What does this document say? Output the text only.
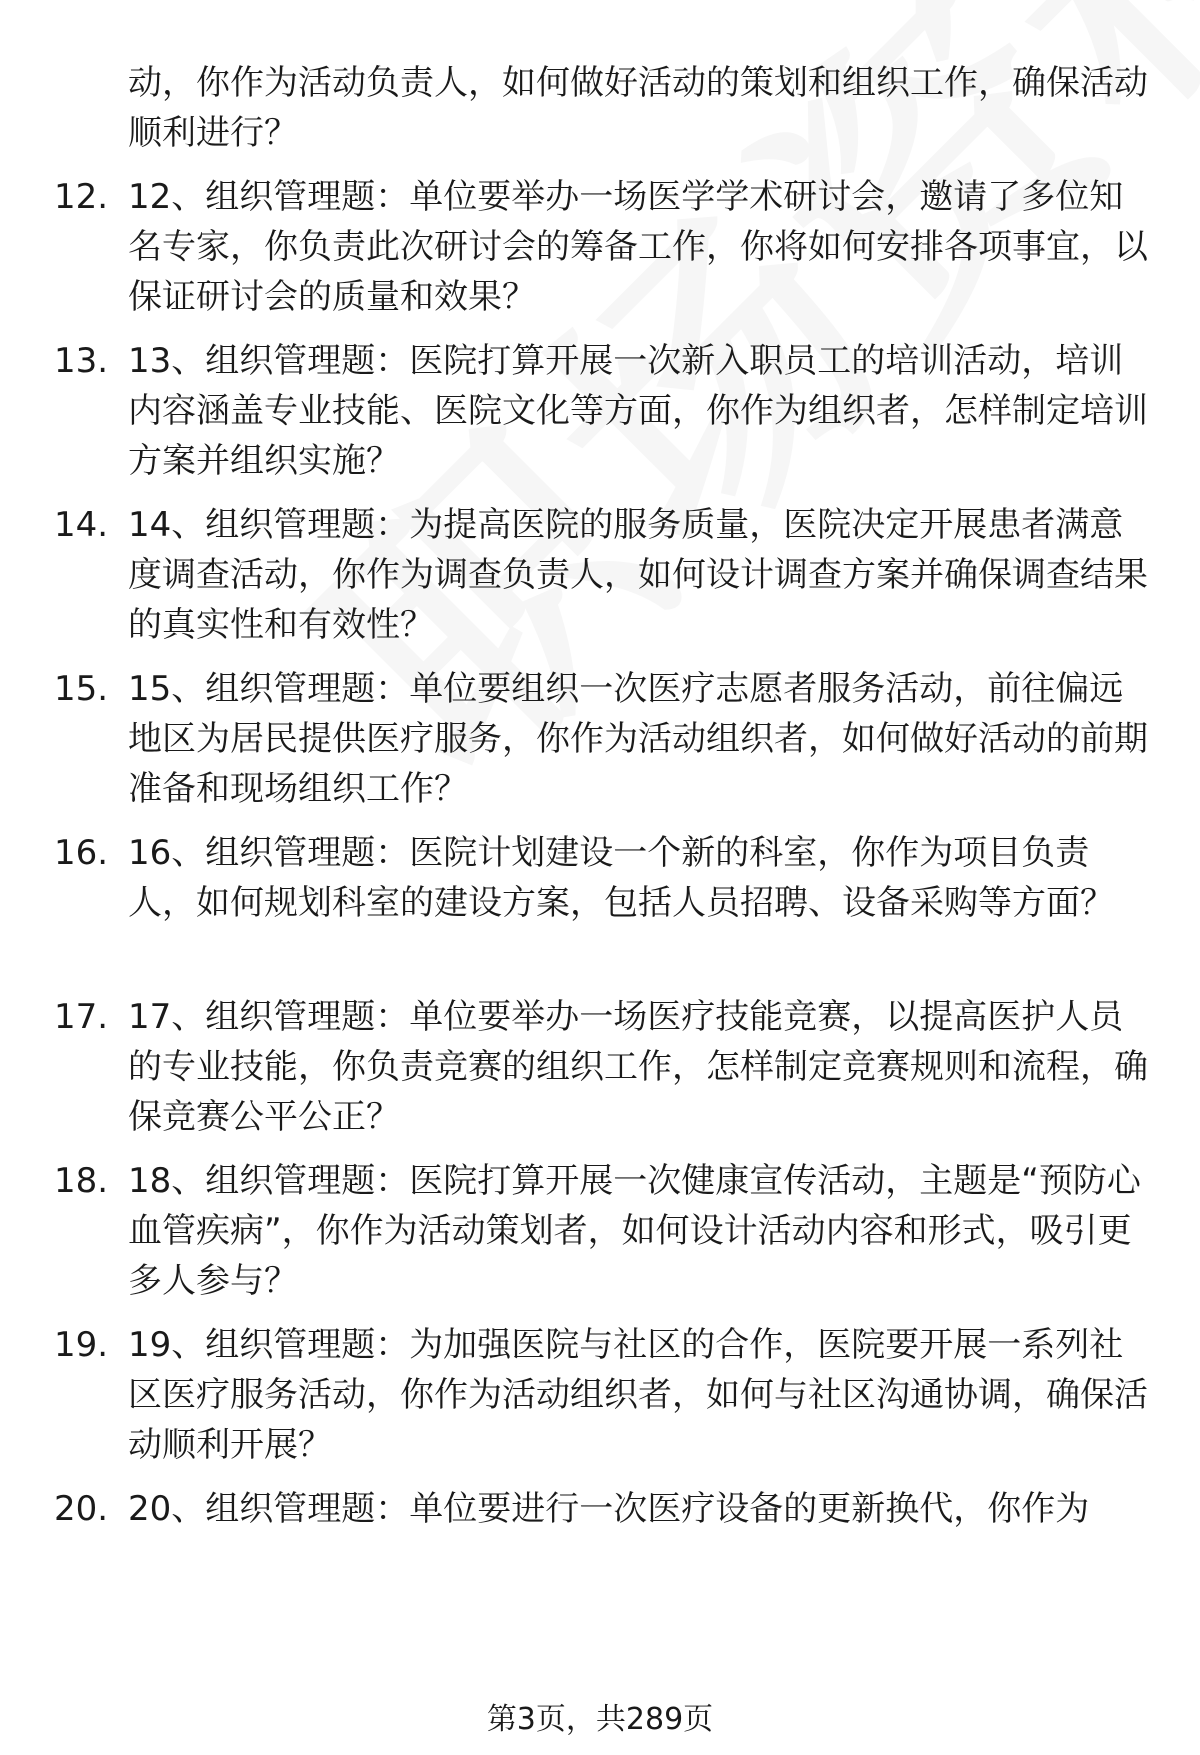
动，你作为活动负责人，如何做好活动的策划和组织工作，确保活动顺利进行？
12. 12、组织管理题：单位要举办一场医学学术研讨会，邀请了多位知名专家，你负责此次研讨会的筹备工作，你将如何安排各项事宜，以保证研讨会的质量和效果？
13. 13、组织管理题：医院打算开展一次新入职员工的培训活动，培训内容涵盖专业技能、医院文化等方面，你作为组织者，怎样制定培训方案并组织实施？
14. 14、组织管理题：为提高医院的服务质量，医院决定开展患者满意度调查活动，你作为调查负责人，如何设计调查方案并确保调查结果的真实性和有效性？
15. 15、组织管理题：单位要组织一次医疗志愿者服务活动，前往偏远地区为居民提供医疗服务，你作为活动组织者，如何做好活动的前期准备和现场组织工作？
16. 16、组织管理题：医院计划建设一个新的科室，你作为项目负责人，如何规划科室的建设方案，包括人员招聘、设备采购等方面？
17. 17、组织管理题：单位要举办一场医疗技能竞赛，以提高医护人员的专业技能，你负责竞赛的组织工作，怎样制定竞赛规则和流程，确保竞赛公平公正？
18. 18、组织管理题：医院打算开展一次健康宣传活动，主题是“预防心血管疾病”，你作为活动策划者，如何设计活动内容和形式，吸引更多人参与？
19. 19、组织管理题：为加强医院与社区的合作，医院要开展一系列社区医疗服务活动，你作为活动组织者，如何与社区沟通协调，确保活动顺利开展？
20. 20、组织管理题：单位要进行一次医疗设备的更新换代，你作为
第3页，共289页
